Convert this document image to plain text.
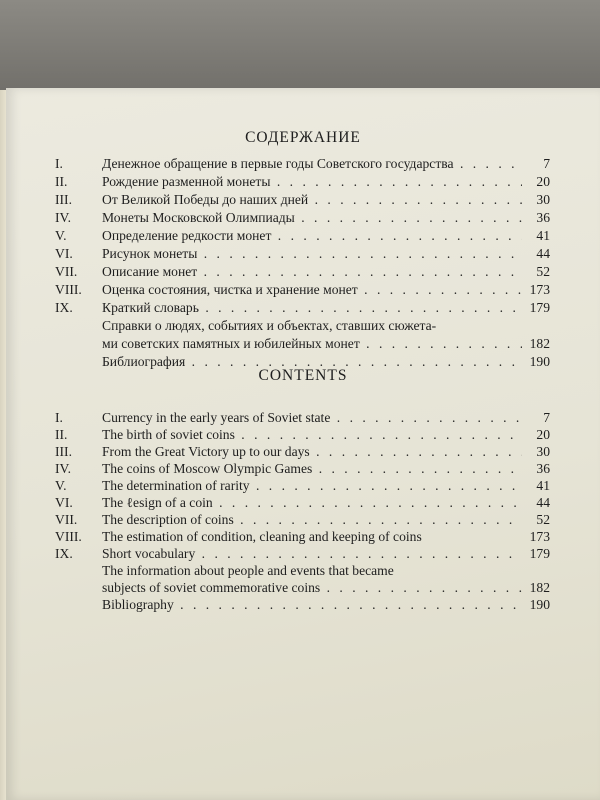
СОДЕРЖАНИЕ
I.	Денежное обращение в первые годы Советского государства . . .	7
II.	Рождение разменной монеты . . .	20
III. От Великой Победы до наших дней . . .	30
IV. Монеты Московской Олимпиады . . .	36
V.	Определение редкости монет . . .	41
VI. Рисунок монеты . . .	44
VII. Описание монет . . .	52
VIII. Оценка состояния, чистка и хранение монет . . .	173
IX. Краткий словарь . . .	179
Справки о людях, событиях и объектах, ставших сюжета-
ми советских памятных и юбилейных монет . . .	182
Библиография . . .	190
CONTENTS
I.	Currency in the early years of Soviet state . . .	7
II.	The birth of soviet coins . . .	20
III. From the Great Victory up to our days . . .	30
IV. The coins of Moscow Olympic Games . . .	36
V.	The determination of rarity . . .	41
VI. The ℓesign of a coin . . .	44
VII. The description of coins . . .	52
VIII. The estimation of condition, cleaning and keeping of coins	173
IX. Short vocabulary . . .	179
The information about people and events that became
subjects of soviet commemorative coins . . .	182
Bibliography . . .	190
